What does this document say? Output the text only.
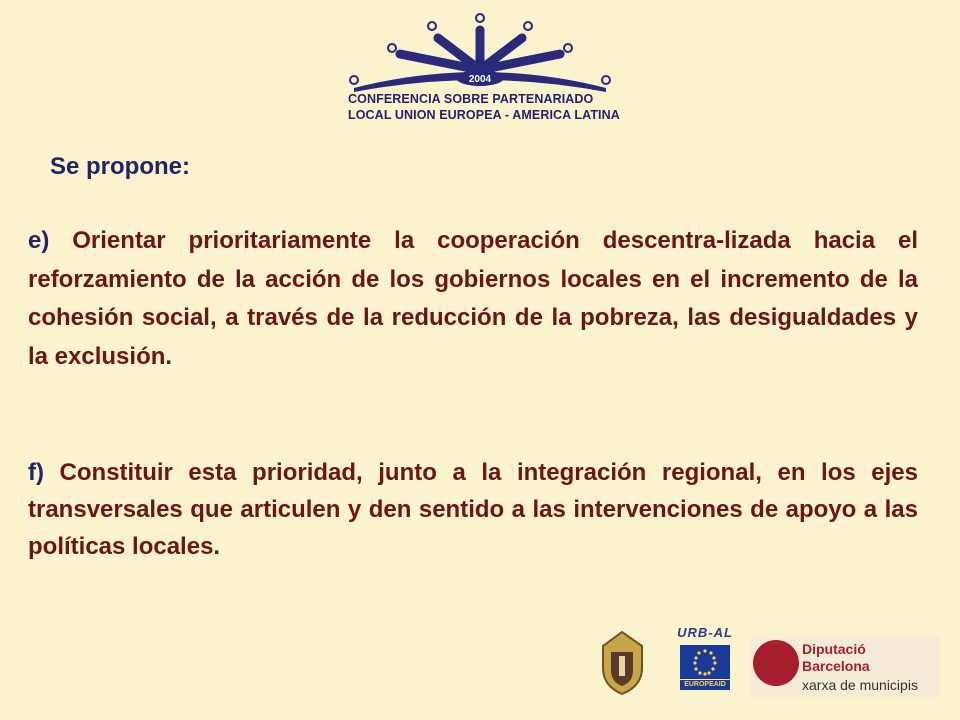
2004
CONFERENCIA SOBRE PARTENARIADO
LOCAL UNION EUROPEA - AMERICA LATINA
Se propone:
e) Orientar prioritariamente la cooperación descentra-lizada hacia el reforzamiento de la acción de los gobiernos locales en el incremento de la cohesión social, a través de la reducción de la pobreza, las desigualdades y la exclusión.
f) Constituir esta prioridad, junto a la integración regional, en los ejes transversales que articulen y den sentido a las intervenciones de apoyo a las políticas locales.
URB-AL
EUROPEAID
Diputació
Barcelona
xarxa de municipis
